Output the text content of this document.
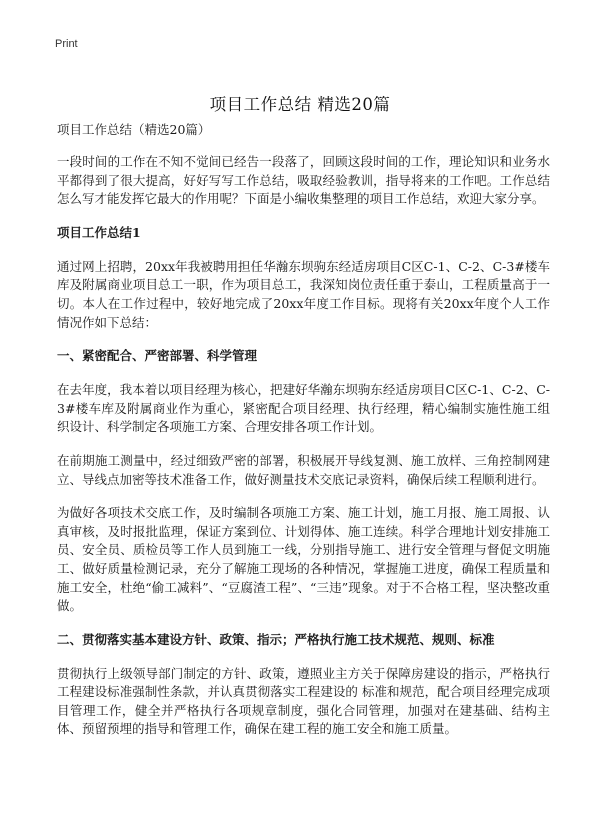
Print
项目工作总结 精选20篇
项目工作总结（精选20篇）

一段时间的工作在不知不觉间已经告一段落了，回顾这段时间的工作，理论知识和业务水平都得到了很大提高，好好写写工作总结，吸取经验教训，指导将来的工作吧。工作总结怎么写才能发挥它最大的作用呢？下面是小编收集整理的项目工作总结，欢迎大家分享。

项目工作总结1

通过网上招聘，20xx年我被聘用担任华瀚东坝驹东经适房项目C区C-1、C-2、C-3#楼车库及附属商业项目总工一职，作为项目总工，我深知岗位责任重于泰山，工程质量高于一切。本人在工作过程中，较好地完成了20xx年度工作目标。现将有关20xx年度个人工作情况作如下总结：

一、紧密配合、严密部署、科学管理

在去年度，我本着以项目经理为核心，把建好华瀚东坝驹东经适房项目C区C-1、C-2、C-3#楼车库及附属商业作为重心，紧密配合项目经理、执行经理，精心编制实施性施工组织设计、科学制定各项施工方案、合理安排各项工作计划。

在前期施工测量中，经过细致严密的部署，积极展开导线复测、施工放样、三角控制网建立、导线点加密等技术准备工作，做好测量技术交底记录资料，确保后续工程顺利进行。

为做好各项技术交底工作，及时编制各项施工方案、施工计划，施工月报、施工周报、认真审核，及时报批监理，保证方案到位、计划得体、施工连续。科学合理地计划安排施工员、安全员、质检员等工作人员到施工一线，分别指导施工、进行安全管理与督促文明施工、做好质量检测记录，充分了解施工现场的各种情况，掌握施工进度，确保工程质量和施工安全，杜绝“偷工减料”、“豆腐渣工程”、“三违”现象。对于不合格工程，坚决整改重做。

二、贯彻落实基本建设方针、政策、指示；严格执行施工技术规范、规则、标准

贯彻执行上级领导部门制定的方针、政策，遵照业主方关于保障房建设的指示，严格执行工程建设标准强制性条款，并认真贯彻落实工程建设的 标准和规范，配合项目经理完成项目管理工作，健全并严格执行各项规章制度，强化合同管理，加强对在建基础、结构主体、预留预埋的指导和管理工作，确保在建工程的施工安全和施工质量。
